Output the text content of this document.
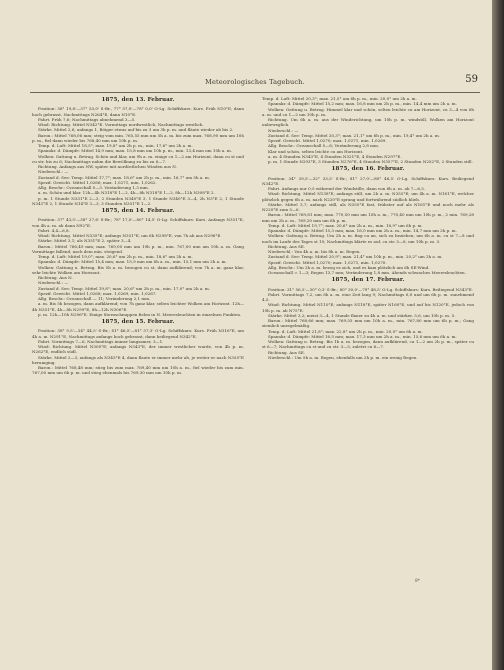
Meteorologisches Tagebuch.	59
1875, den 13. Februar.

Position: 36° 19,6'—37° 53,0' S-Br., 77° 57,0'—78° 0,0' O-Lg. Schiffskurs: Kurs. Früh N10°E, dann hoch gebrasst, Nachmittags N264°E, dann N10°E.

Fahrt. Früh 7,6; Nachmittags abnehmend 3—5.

Wind: Richtung. Mittel N342°E. Vormittags nordwestlich, Nachmittags westlich.

Stärke. Mittel 2,6; anfangs 1, Böiger etwas auf bis zu 3 um 3h p. m. und fläute wieder ab bis 2.

Baron.: Mittel 768,06 mm; steig vom min. 765,55 mm um 5h a. m. bis zum max. 768,90 mm um 10h p. m., fiel dann wieder bis 768,40 mm um 10h p. m.

Temp. d. Luft: Mittel 18,5°; max. 19,8° um 2h p. m., min. 17,6° um 2h a. m.

Spannkr. d. Dämpfe: Mittel 14,9 mm; max. 15,8 mm um 10h p. m., min. 13,4 mm um 10h a. m.

Wolken: Gattung u. Betrag. Schön und klar, um 9h a. m. einige cu 1—2 am Horizont, dann cu st und cu str, bis zu 6; Nachmittags nahm die Bewölkung zu bis zu 6—7.

Richtung. Anfangs aus NW, später mit nordöstlichen Winden aus N.

Niederschl.: —

Zustand d. See: Temp. Mittel 17,7°; max. 18,6° um 2h p. m., min. 16,7° um 5h a. m.

Spezif. Gewicht. Mittel 1,0266; max. 1,0271, min. 1,0262.

Allg. Beschr.: Oceanschall 0—3. Veränderung 1,3 mm.

a. m. Schön und klar. 12h—4h N318°E 1—2, 4h—8h N318°E 1—2, 8h—12h N308°E 2.

p. m. 1 Stunde N331°E 2—3, 2 Stunden N340°E 3, 1 Stunde N340°E 3—4, 2h N3°E 2, 1 Stunde N341°E 2, 1 Stunde N14°E 3—3, 3 Stunden N351°E 1—2.

1875, den 14. Februar.

Position: 37° 43,5'—38° 27,6' S-Br.; 78° 17,0'—80° 14,5' O-Lg. Schiffskurs: Kurs. Anfangs N351°E, von 4h a. m. ab dann N92°E.

Fahrt. 4,4—6,8.

Wind: Richtung. Mittel N335°E; anfangs N351°E, um 6h N298°E, von 7h ab aus N296°E.

Stärke. Mittel 3,1; als N351°E 2, später 3—4.

Baron.: Mittel 766,49 mm; max. 769,00 mm um 10h p. m., min. 767,00 mm um 10h a. m. Gang Vormittage fallend, nach dem min. steigend.

Temp. d. Luft: Mittel 19,0°; max. 20,6° um 2h p. m., min. 18,6° um 2h a. m.

Spannkr. d. Dämpfe: Mittel 15,4 mm; max. 15,9 mm um 6h a. m., min. 15,1 mm um 2h a. m.

Wolken: Gattung u. Betrag. Bis 5h a. m. bezogen cu st, dann aufklärend; von 7h a. m. ganz klar, sehr leichte Wolken am Horizont.

Richtung. Aus N.

Niederschl.: —

Zustand d. See: Temp. Mittel 19,8°; max. 20,6° um 2h p. m., min. 17,0° um 2h a. m.

Spezif. Gewicht. Mittel 1,0268; max. 1,0269, min. 1,0267.

Allg. Beschr.: Oceanschall — 11; Veränderung 2,1 mm.

a. m. Bis 5h bezogen, dann aufklärend; von 7h ganz klar, selten leichter Wolken am Horizont. 12h—4h N351°E, 4h—8h N299°E, 8h—12h N306°E.

p. m. 12h—10h N296°E. Einige Sternschnuppen fielen in N. Meeresleuchten in einzelnen Punkten.

1875, den 15. Februar.

Position: 38° 9,5'—34° 44,5' S-Br.; 81° 46,5'—81° 57,3' O-Lg. Schiffskurs: Kurs. Früh N316°E, um 4h a. m. N291°E, Nachmittags anfangs hoch gebrasst, dann beiliegend N342°E.

Fahrt. Vormittags 7—6, Nachmittags immer langsamer, 3—1.

Wind: Richtung. Mittel N300°E; anfangs N343°E, der immer westlicher wurde, von 4h p. m. N262°E, endlich südl.

Stärke. Mittel 2—3, anfangs als N343°E 4, dann flaute er immer mehr ab, je weiter er nach N355°E herumging.

Baron.: Mittel 768,48 mm; stieg bis zum max. 769,40 mm um 10h a. m., fiel wieder bis zum min. 767,00 mm um 6h p. m. und stieg ebenmals bis 769,30 mm um 10h p. m.

Temp. d. Luft: Mittel 20,3°; max. 21,5° um 6h p. m., min. 20,0° um 2h a. m.

Spannkr. d. Dämpfe: Mittel 15,2 mm; max. 16,8 mm um 2h p. m., min. 14,4 mm um 2h a. m.

Wolken: Gattung u. Betrag. Himmel klar und schön, selten leichte cu am Horizont, cu 3—4 von 6h a. m. und cu 1—2 um 10h p. m.

Richtung. Um 6h a. m. aus der Winderichtung, um 10h p. m. windstill, Wolken am Horizont unbeweglich.

Niederschl.: —

Zustand d. See: Temp. Mittel 20,3°; max. 21,1° um 6h p. m., min. 19,4° um 2h a. m.

Spezif. Gewicht. Mittel 1,0270; max. 1,0271, min. 1,0269.

Allg. Beschr.: Oceanschall 0—8; Veränderung 2,8 mm.

Klar und schön, selten leichte cu am Horizont.

a. m. 4 Stunden N343°E, 4 Stunden N321°E, 4 Stunden N297°E.

p. m. 1 Stunde N293°E, 3 Stunden N276°E, 4 Stunden N357°E, 2 Stunden N252°E, 2 Stunden still.

1875, den 16. Februar.

Position: 34° 39,5'—32° 33,5' S-Br.; 81° 27,0'—80° 46,5' O-Lg. Schiffskurs: Kurs. Beiliegend N342°E.

Fahrt. Anfangs nur 0,5 während der Windstille, dann von 6h a. m. ab 7—6,5.

Wind: Richtung. Mittel N138°E; anfangs still, um 2h a. m. N355°E; um 4h a. m. N161°E, welcher plötzlich gegen 6h a. m. nach N220°E sprang und fortwährend südlich blieb.

Stärke. Mittel 3,7; anfangs still, als N355°E fast, frühster auf als N161°E und noch mehr als N220°E zum 5—6.

Baron.: Mittel 769,81 mm; max. 770,50 mm um 10h a. m., 770,40 mm um 10h p. m., 2 min. 769,28 mm um 2h a. m., 769,20 mm um 6h p. m.

Temp. d. Luft: Mittel 19,7°; max. 20,6° um 2h a. m., min. 18,9° um 6h p. m.

Spannkr. d. Dämpfe: Mittel 15,3 mm; max. 16,0 mm um 2h a. m., min. 14,7 mm um 2h p. m.

Wolken: Gattung u. Betrag. Um 2h a. m. fing cu an, sich zu beziehen; um 6h a. m. cu st 7—8 und noch im Laufe des Tages st 10; Nachmittags klärte es auf, cu str. 5—6, um 10h p. m. 3.

Richtung. Aus SE.

Niederschl.: Von 4h a. m. bis 8h a. m. Regen.

Zustand d. See: Temp. Mittel 20,9°; max. 21,4° um 10h p. m., min. 20,2° um 2h a. m.

Spezif. Gewicht. Mittel 1,0270; max. 1,0271, min. 1,0270.

Allg. Beschr.: Um 2h a. m. bezog es sich, und es kam plötzlich um 6h SE-Wind.

Oceanschall = 1—3; Regen 13,7 mm; Veränderung 1,8 mm. Abends schwaches Meeresleuchten.

1875, den 17. Februar.

Position: 31° 56,5'—30° 0,3' S-Br.; 80° 30,0'—79° 48,5' O-Lg. Schiffskurs: Kurs. Beiliegend N343°E.

Fahrt. Vormittags 7,2, um 8h a. m. eine Zeit lang 9; Nachmittags 6,0 und um 6h p. m. zunehmend 4,5.

Wind: Richtung. Mittel N110°E; anfangs N118°E, später N160°E, und auf bis N120°E, jedoch von 10h p. m. ab N75°E.

Stärke. Mittel 3,2; meist 3—4, 1 Stunde flauer zu 4h a. m. und stärker, 5,6, um 10h p. m. 5.

Baron.: Mittel 768,66 mm; max. 769,55 mm um 10h a. m., min. 767,80 mm um 6h p. m.; Gang ziemlich unregelmäßig.

Temp. d. Luft: Mittel 21,8°; max. 22,8° um 2h p. m., min. 20,0° um 6h a. m.

Spannkr. d. Dämpfe: Mittel 16,5 mm; max. 17,3 mm um 2h a. m., min. 15,6 mm um 6h a. m.

Wolken: Gattung u. Betrag. Bis 1h a. m. bezogen, dann aufklärend, cu 1—2 um 2h p. m., später cu st 6—7; Nachmittags cu st und cu str. 3—5, zuletzt cu 6—7.

Richtung. Aus SE.

Niederschl.: Um 5h a. m. Regen, ebenfalls um 2h p. m. ein wenig Regen.

8*
